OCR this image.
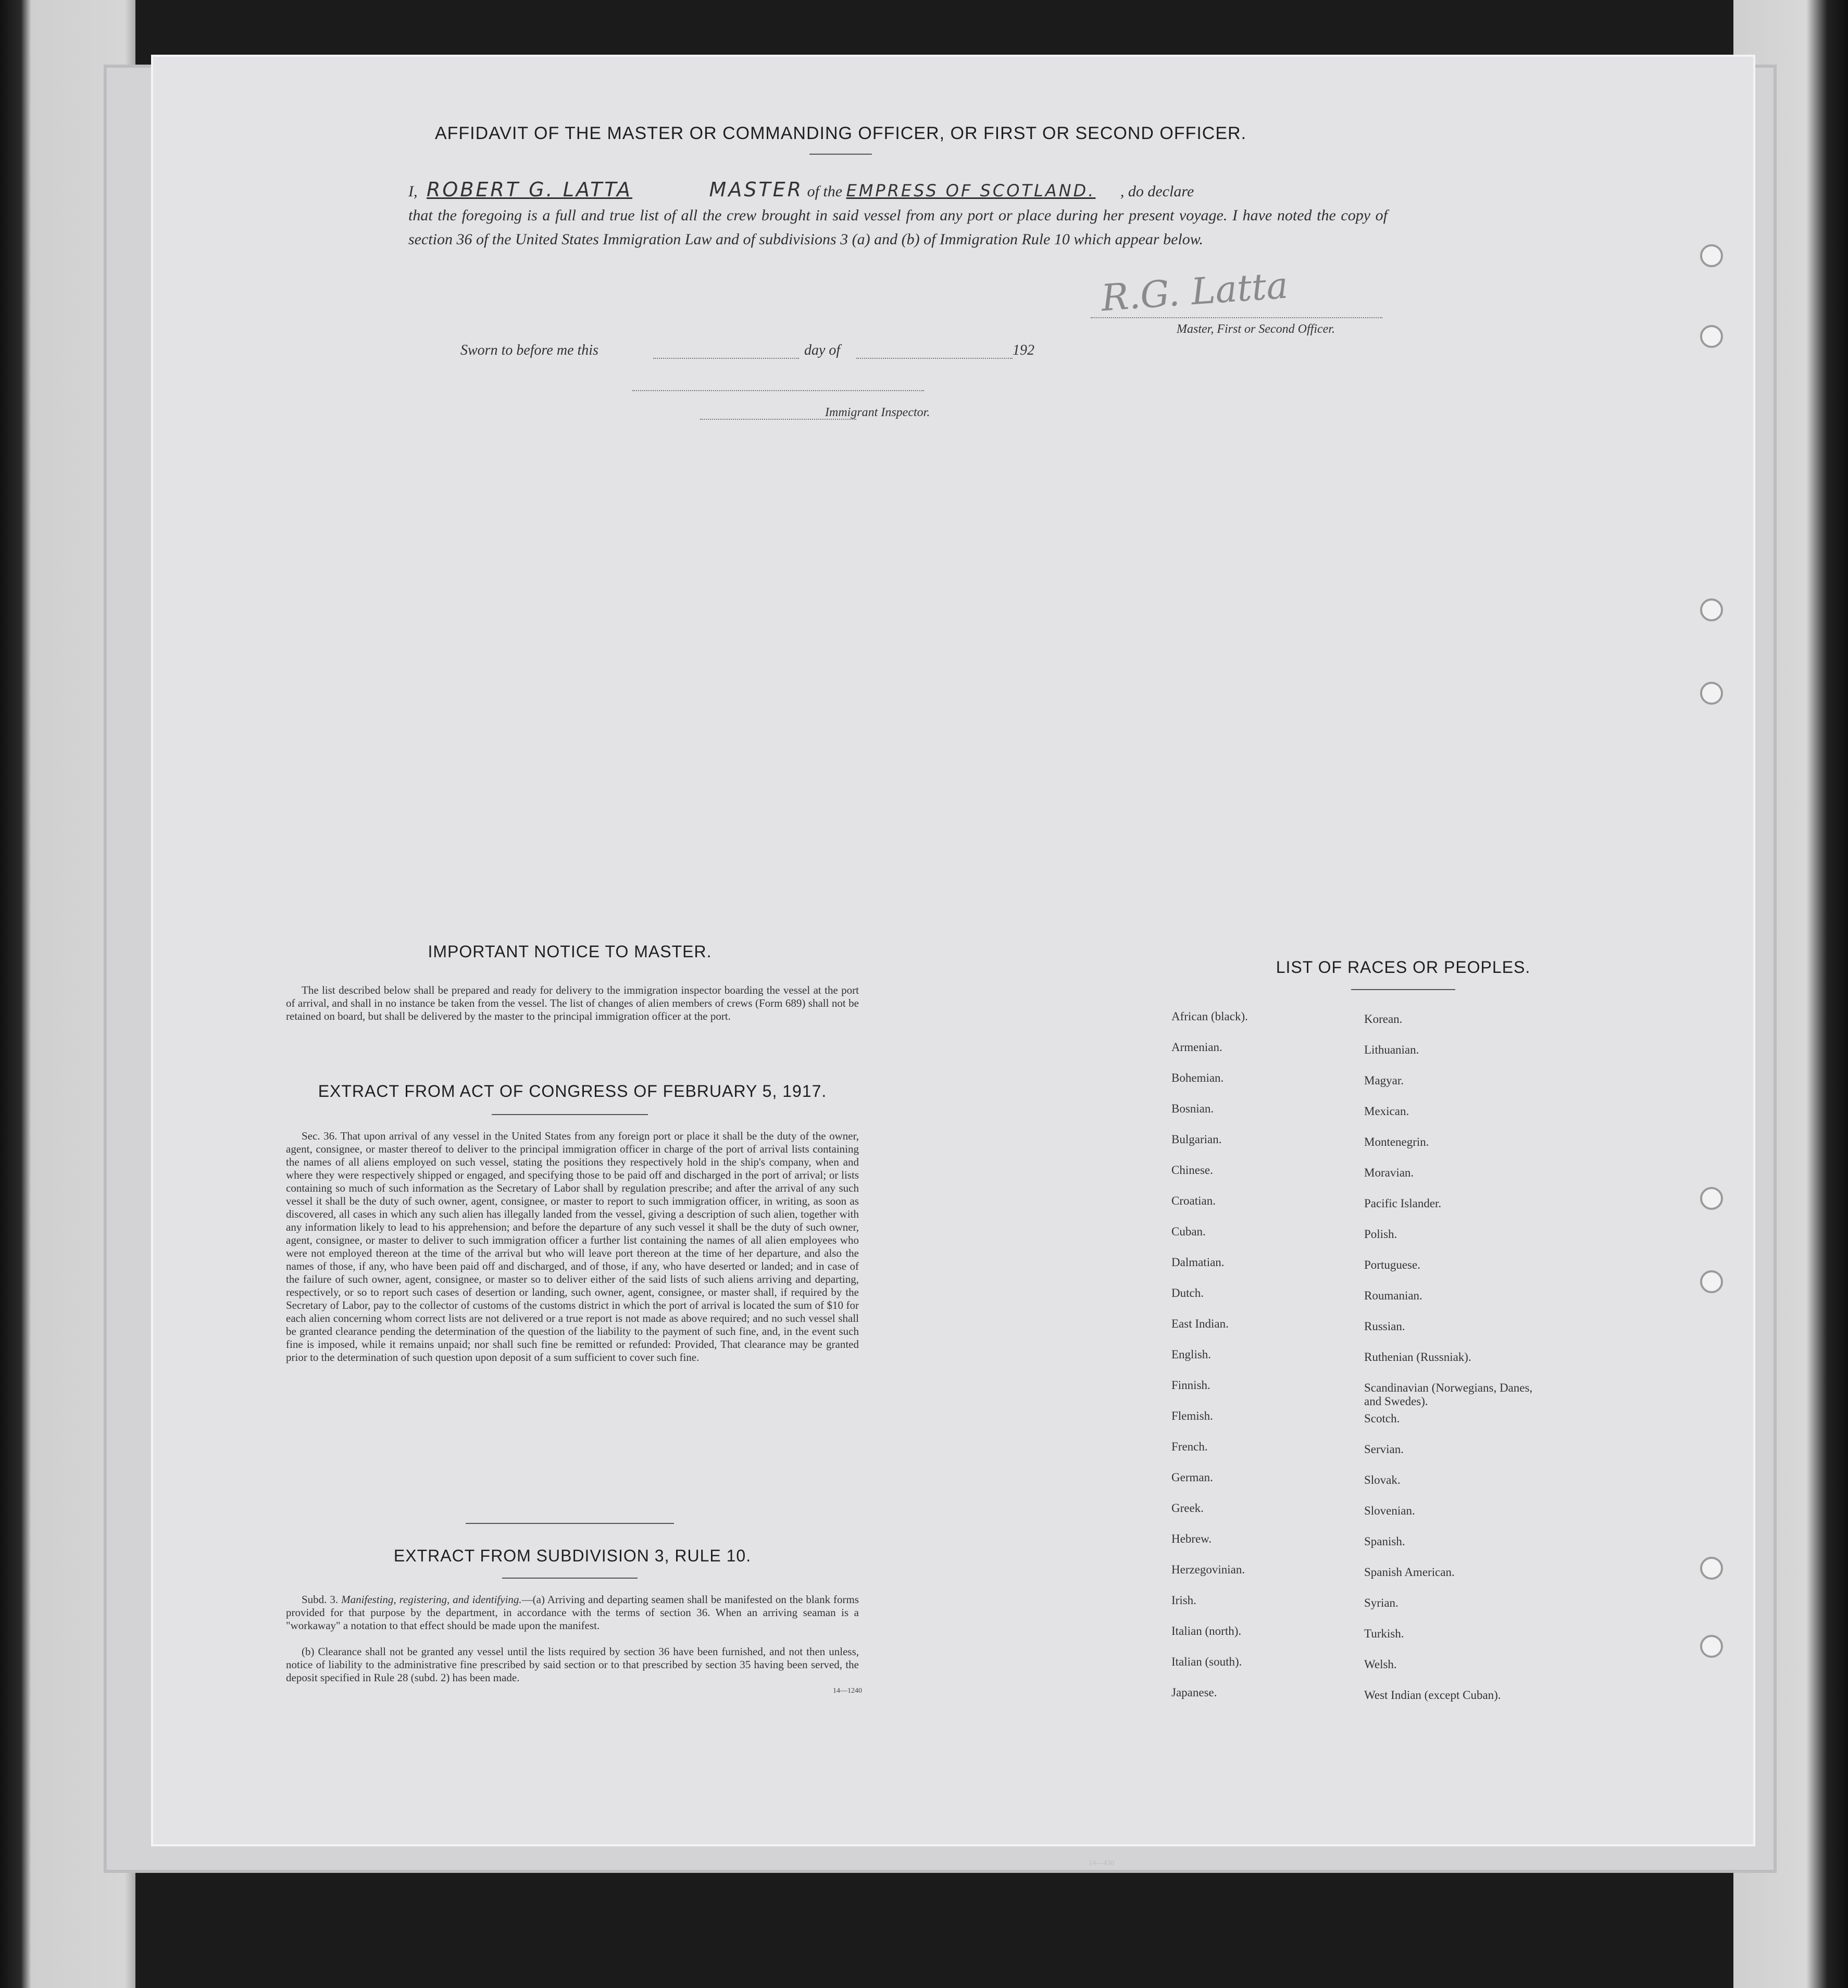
AFFIDAVIT OF THE MASTER OR COMMANDING OFFICER, OR FIRST OR SECOND OFFICER.
I, ROBERT G. LATTA	MASTER of the EMPRESS OF SCOTLAND. , do declare
that the foregoing is a full and true list of all the crew brought in said vessel from any port or place during her present voyage. I have noted the copy of section 36 of the United States Immigration Law and of subdivisions 3 (a) and (b) of Immigration Rule 10 which appear below.
R.G. Latta
Master, First or Second Officer.
Sworn to before me this	day of	192
Immigrant Inspector.
IMPORTANT NOTICE TO MASTER.
The list described below shall be prepared and ready for delivery to the immigration inspector boarding the vessel at the port of arrival, and shall in no instance be taken from the vessel. The list of changes of alien members of crews (Form 689) shall not be retained on board, but shall be delivered by the master to the principal immigration officer at the port.
EXTRACT FROM ACT OF CONGRESS OF FEBRUARY 5, 1917.
Sec. 36. That upon arrival of any vessel in the United States from any foreign port or place it shall be the duty of the owner, agent, consignee, or master thereof to deliver to the principal immigration officer in charge of the port of arrival lists containing the names of all aliens employed on such vessel, stating the positions they respectively hold in the ship's company, when and where they were respectively shipped or engaged, and specifying those to be paid off and discharged in the port of arrival; or lists containing so much of such information as the Secretary of Labor shall by regulation prescribe; and after the arrival of any such vessel it shall be the duty of such owner, agent, consignee, or master to report to such immigration officer, in writing, as soon as discovered, all cases in which any such alien has illegally landed from the vessel, giving a description of such alien, together with any information likely to lead to his apprehension; and before the departure of any such vessel it shall be the duty of such owner, agent, consignee, or master to deliver to such immigration officer a further list containing the names of all alien employees who were not employed thereon at the time of the arrival but who will leave port thereon at the time of her departure, and also the names of those, if any, who have been paid off and discharged, and of those, if any, who have deserted or landed; and in case of the failure of such owner, agent, consignee, or master so to deliver either of the said lists of such aliens arriving and departing, respectively, or so to report such cases of desertion or landing, such owner, agent, consignee, or master shall, if required by the Secretary of Labor, pay to the collector of customs of the customs district in which the port of arrival is located the sum of $10 for each alien concerning whom correct lists are not delivered or a true report is not made as above required; and no such vessel shall be granted clearance pending the determination of the question of the liability to the payment of such fine, and, in the event such fine is imposed, while it remains unpaid; nor shall such fine be remitted or refunded: Provided, That clearance may be granted prior to the determination of such question upon deposit of a sum sufficient to cover such fine.
EXTRACT FROM SUBDIVISION 3, RULE 10.
Subd. 3. Manifesting, registering, and identifying.—(a) Arriving and departing seamen shall be manifested on the blank forms provided for that purpose by the department, in accordance with the terms of section 36. When an arriving seaman is a "workaway" a notation to that effect should be made upon the manifest.
(b) Clearance shall not be granted any vessel until the lists required by section 36 have been furnished, and not then unless, notice of liability to the administrative fine prescribed by said section or to that prescribed by section 35 having been served, the deposit specified in Rule 28 (subd. 2) has been made.
14—1240
LIST OF RACES OR PEOPLES.
African (black).
Armenian.
Bohemian.
Bosnian.
Bulgarian.
Chinese.
Croatian.
Cuban.
Dalmatian.
Dutch.
East Indian.
English.
Finnish.
Flemish.
French.
German.
Greek.
Hebrew.
Herzegovinian.
Irish.
Italian (north).
Italian (south).
Japanese.
Korean.
Lithuanian.
Magyar.
Mexican.
Montenegrin.
Moravian.
Pacific Islander.
Polish.
Portuguese.
Roumanian.
Russian.
Ruthenian (Russniak).
Scandinavian (Norwegians, Danes, and Swedes).
Scotch.
Servian.
Slovak.
Slovenian.
Spanish.
Spanish American.
Syrian.
Turkish.
Welsh.
West Indian (except Cuban).
14—430
